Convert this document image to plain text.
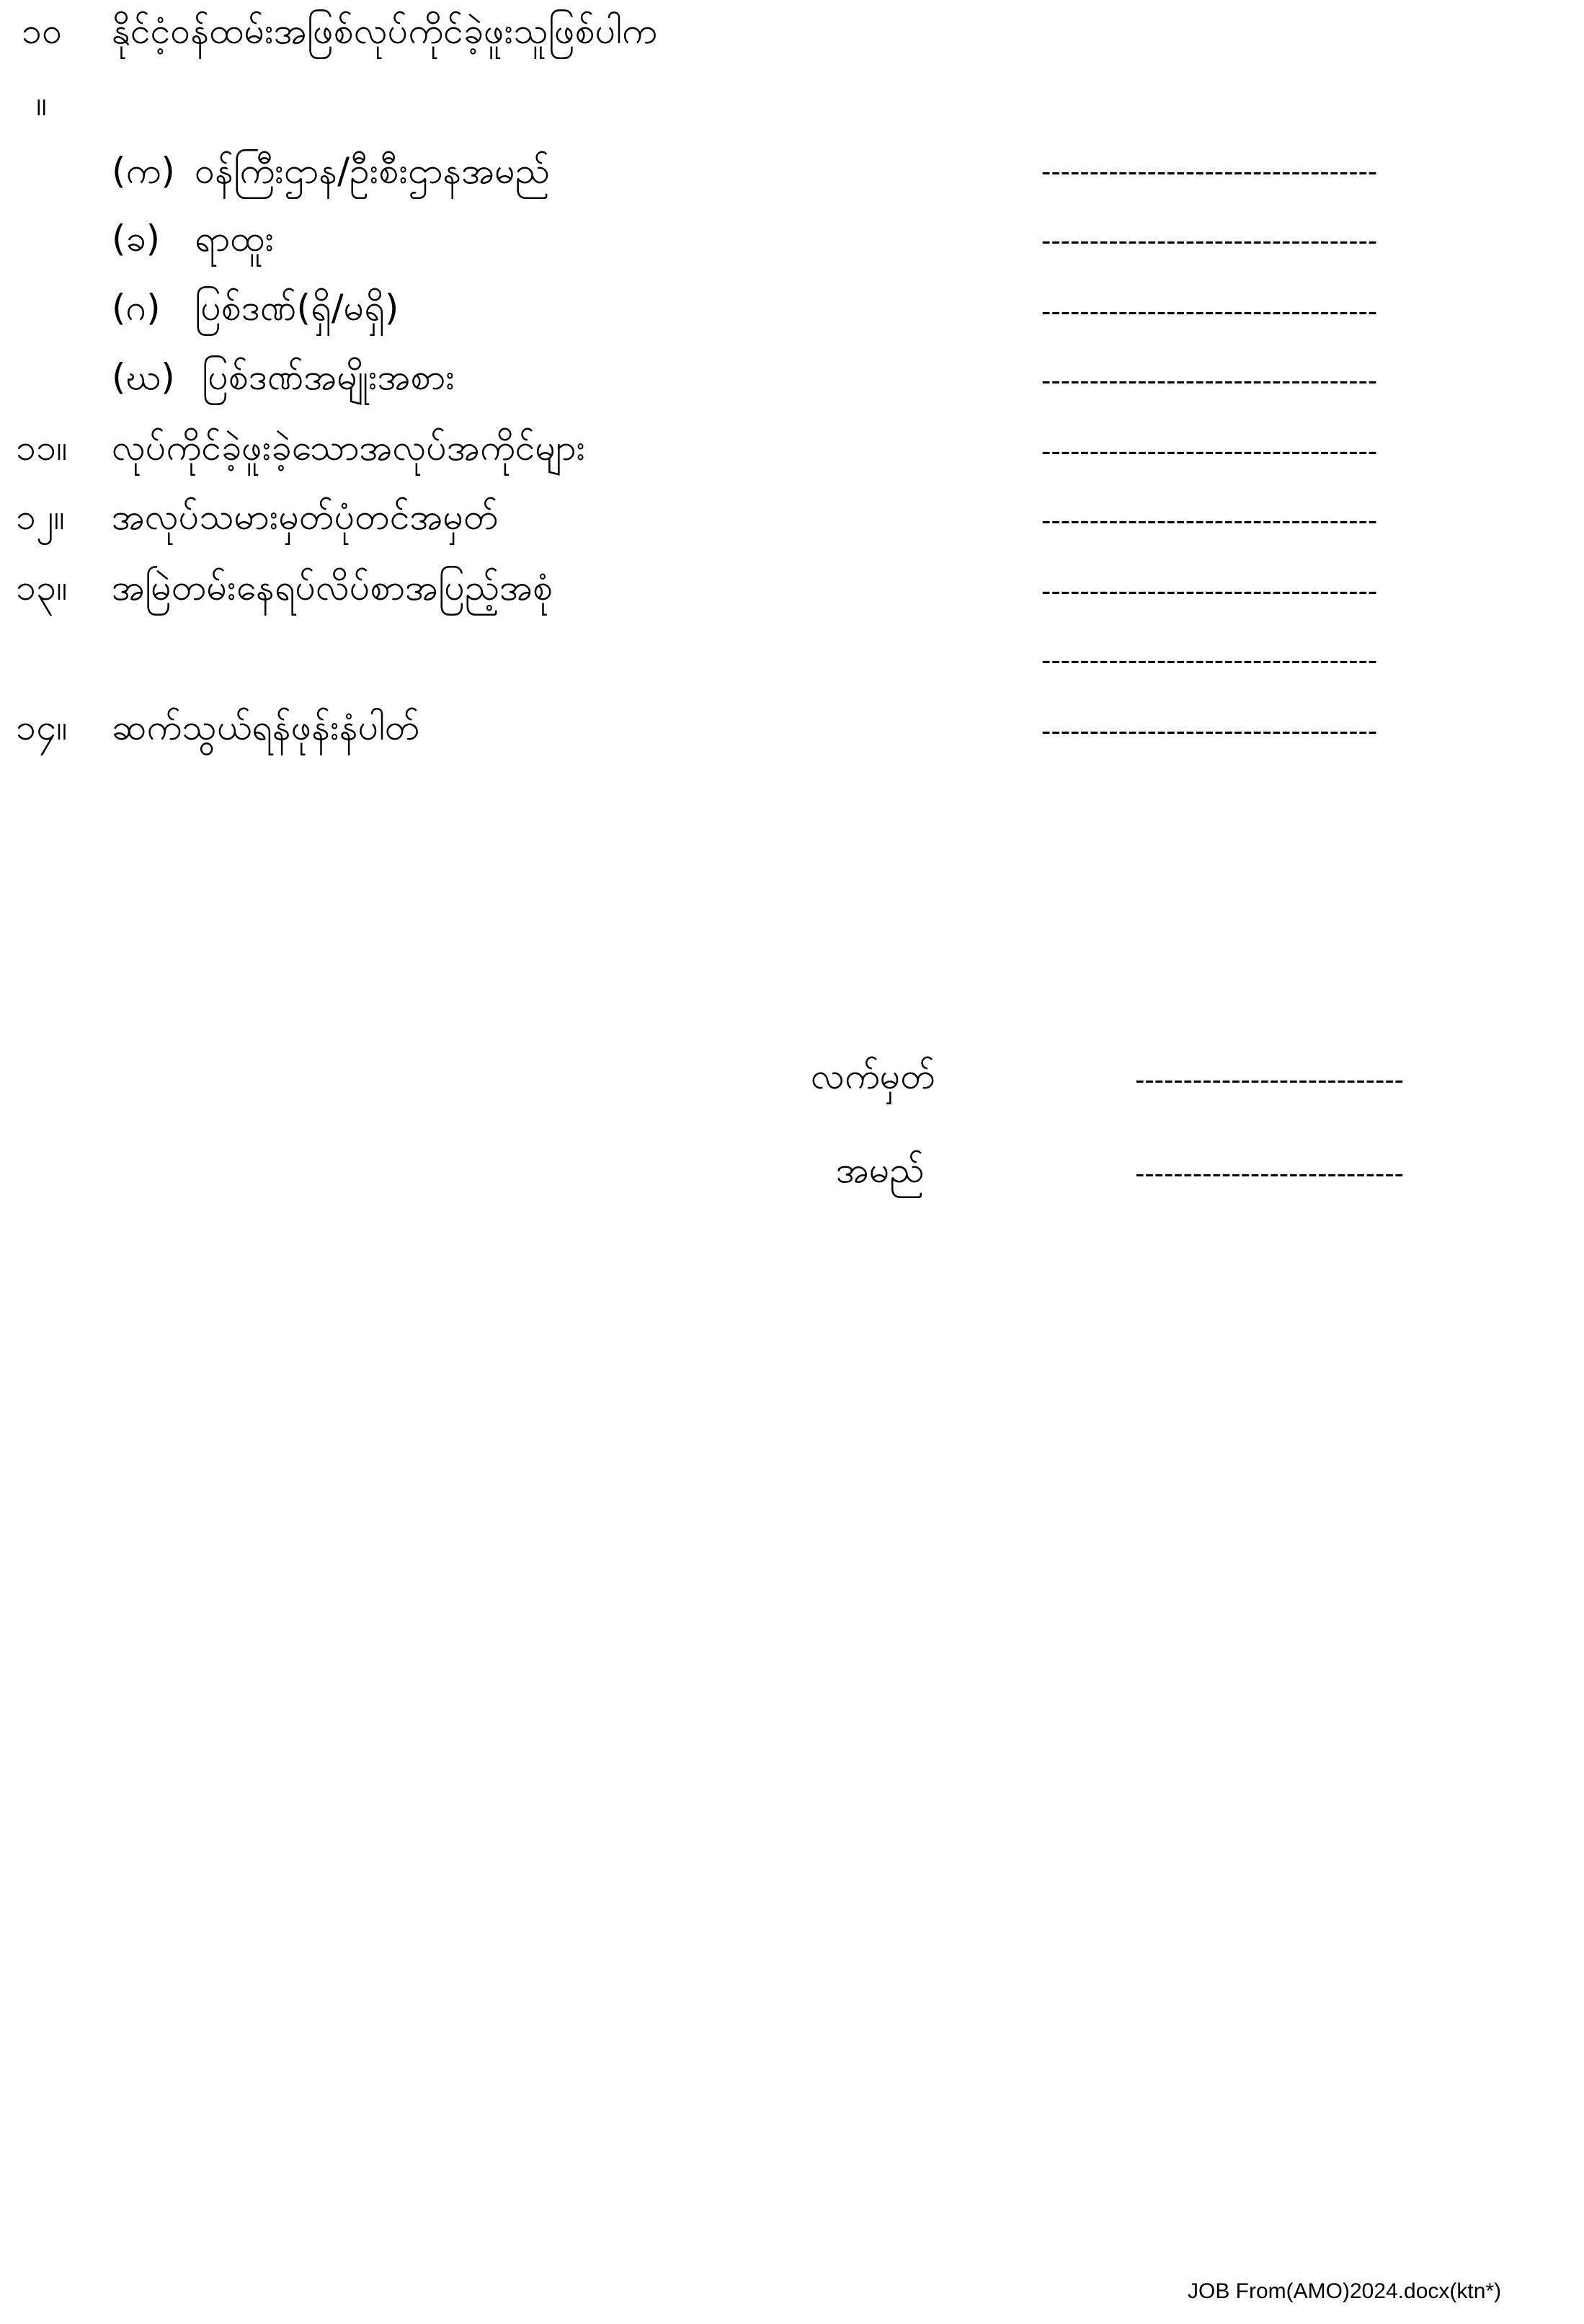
၁၀
။
နိုင်ငံ့ဝန်ထမ်းအဖြစ်လုပ်ကိုင်ခဲ့ဖူးသူဖြစ်ပါက
(က) ဝန်ကြီးဌာန/ဦးစီးဌာနအမည်	-----------------------------------
(ခ) ရာထူး	-----------------------------------
(ဂ) ပြစ်ဒဏ်(ရှိ/မရှိ)	-----------------------------------
(ဃ) ပြစ်ဒဏ်အမျိုးအစား	-----------------------------------
၁၁။ လုပ်ကိုင်ခဲ့ဖူးခဲ့သောအလုပ်အကိုင်များ	-----------------------------------
၁၂။ အလုပ်သမားမှတ်ပုံတင်အမှတ်	-----------------------------------
၁၃။ အမြဲတမ်းနေရပ်လိပ်စာအပြည့်အစုံ	-----------------------------------
-----------------------------------
၁၄။ ဆက်သွယ်ရန်ဖုန်းနံပါတ်	-----------------------------------
လက်မှတ်	----------------------------
အမည်	----------------------------
JOB From(AMO)2024.docx(ktn*)
